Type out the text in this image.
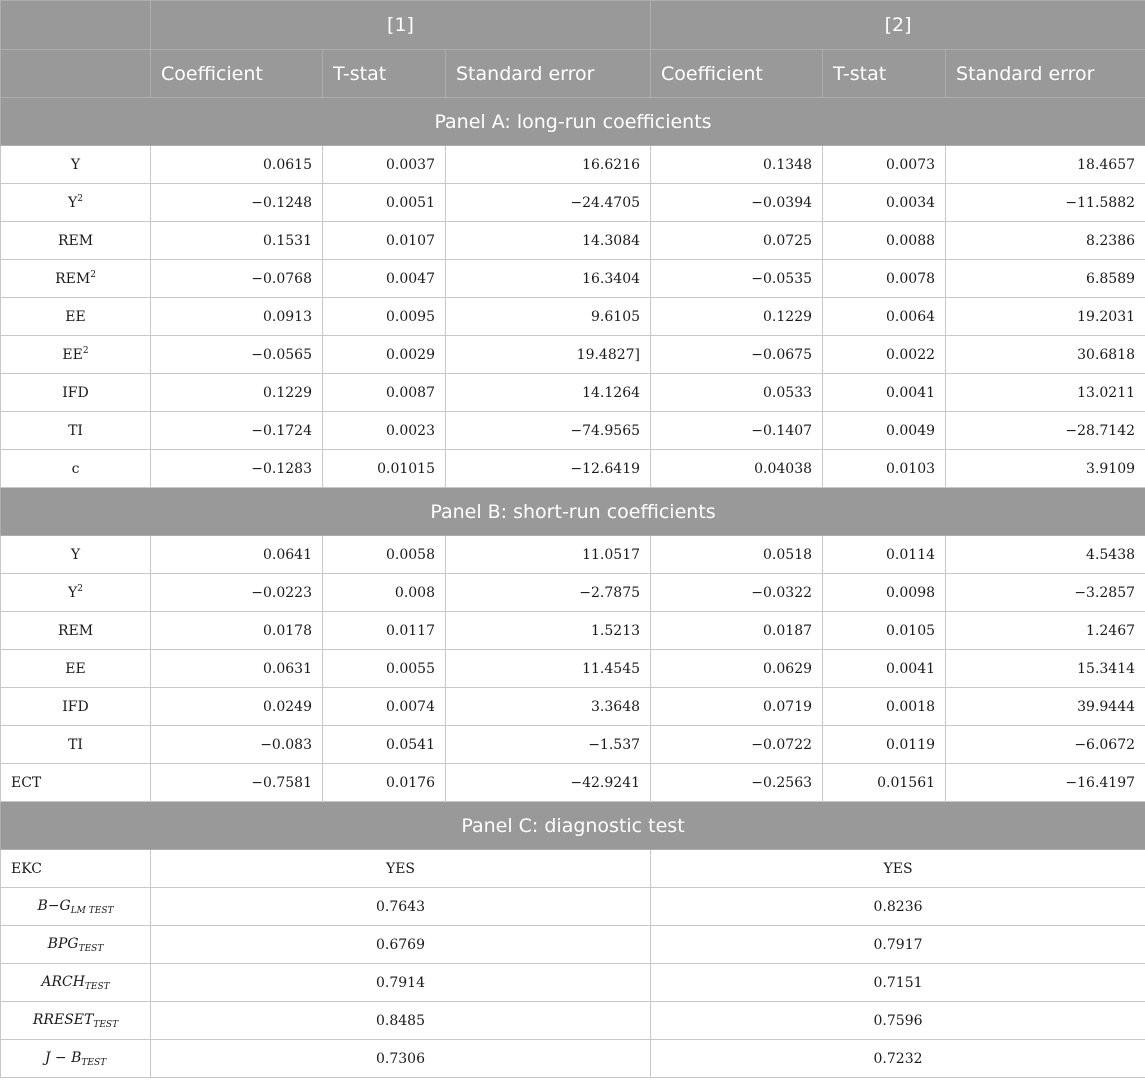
	[1]			[2]		
	Coefficient	T-stat	Standard error	Coefficient	T-stat	Standard error
Panel A: long-run coefficients						
Y	0.0615	0.0037	16.6216	0.1348	0.0073	18.4657
$Y^2$	−0.1248	0.0051	−24.4705	−0.0394	0.0034	−11.5882
REM	0.1531	0.0107	14.3084	0.0725	0.0088	8.2386
$REM^2$	−0.0768	0.0047	16.3404	−0.0535	0.0078	6.8589
EE	0.0913	0.0095	9.6105	0.1229	0.0064	19.2031
$EE^2$	−0.0565	0.0029	19.4827]	−0.0675	0.0022	30.6818
IFD	0.1229	0.0087	14.1264	0.0533	0.0041	13.0211
TI	−0.1724	0.0023	−74.9565	−0.1407	0.0049	−28.7142
c	−0.1283	0.01015	−12.6419	0.04038	0.0103	3.9109
Panel B: short-run coefficients						
Y	0.0641	0.0058	11.0517	0.0518	0.0114	4.5438
$Y^2$	−0.0223	0.008	−2.7875	−0.0322	0.0098	−3.2857
REM	0.0178	0.0117	1.5213	0.0187	0.0105	1.2467
EE	0.0631	0.0055	11.4545	0.0629	0.0041	15.3414
IFD	0.0249	0.0074	3.3648	0.0719	0.0018	39.9444
TI	−0.083	0.0541	−1.537	−0.0722	0.0119	−6.0672
ECT	−0.7581	0.0176	−42.9241	−0.2563	0.01561	−16.4197
Panel C: diagnostic test						
EKC	YES			YES		
$B-G_{LM TEST}$	0.7643			0.8236		
$BPG_{TEST}$	0.6769			0.7917		
$ARCH_{TEST}$	0.7914			0.7151		
$RRESET_{TEST}$	0.8485			0.7596		
$J - B_{TEST}$	0.7306			0.7232		
